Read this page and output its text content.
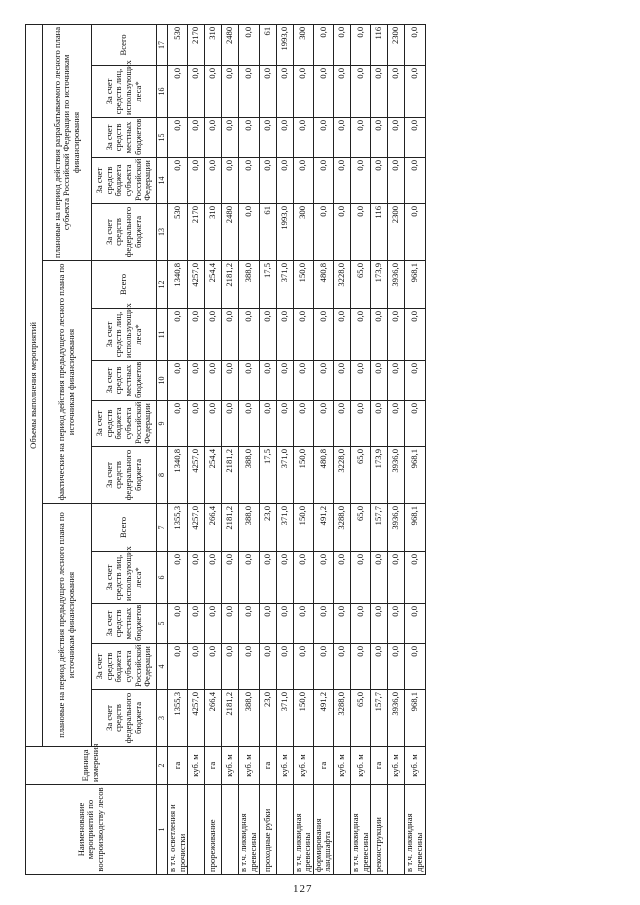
Наименование мероприятий по воспроизводству лесов	Единица измерения	Объемы выполнения мероприятий														
		плановые на период действия предыдущего лесного плана по источникам финансирования					фактические на период действия предыдущего лесного плана по источникам финансирования					плановые на период действия разрабатываемого лесного плана субъекта Российской Федерации по источникам финансирования				
		За счет средств федерального бюджета	За счет средств бюджета субъекта Российской Федерации	За счет средств местных бюджетов	За счет средств лиц, использующих леса*	Всего	За счет средств федерального бюджета	За счет средств бюджета субъекта Российской Федерации	За счет средств местных бюджетов	За счет средств лиц, использующих леса*	Всего	За счет средств федерального бюджета	За счет средств бюджета субъекта Российской Федерации	За счет средств местных бюджетов	За счет средств лиц, использующих леса*	Всего
1	2	3	4	5	6	7	8	9	10	11	12	13	14	15	16	17
в т.ч. осветления и прочистки	га	1355,3	0,0	0,0	0,0	1355,3	1340,8	0,0	0,0	0,0	1340,8	530	0,0	0,0	0,0	530
	куб. м	4257,0	0,0	0,0	0,0	4257,0	4257,0	0,0	0,0	0,0	4257,0	2170	0,0	0,0	0,0	2170
прореживание	га	266,4	0,0	0,0	0,0	266,4	254,4	0,0	0,0	0,0	254,4	310	0,0	0,0	0,0	310
	куб. м	2181,2	0,0	0,0	0,0	2181,2	2181,2	0,0	0,0	0,0	2181,2	2480	0,0	0,0	0,0	2480
в т.ч. ликвидная древесины	куб. м	388,0	0,0	0,0	0,0	388,0	388,0	0,0	0,0	0,0	388,0	0,0	0,0	0,0	0,0	0,0
проходные рубки	га	23,0	0,0	0,0	0,0	23,0	17,5	0,0	0,0	0,0	17,5	61	0,0	0,0	0,0	61
	куб. м	371,0	0,0	0,0	0,0	371,0	371,0	0,0	0,0	0,0	371,0	1993,0	0,0	0,0	0,0	1993,0
в т.ч. ликвидная древесины	куб. м	150,0	0,0	0,0	0,0	150,0	150,0	0,0	0,0	0,0	150,0	300	0,0	0,0	0,0	300
формирования ландшафта	га	491,2	0,0	0,0	0,0	491,2	480,8	0,0	0,0	0,0	480,8	0,0	0,0	0,0	0,0	0,0
	куб. м	3288,0	0,0	0,0	0,0	3288,0	3228,0	0,0	0,0	0,0	3228,0	0,0	0,0	0,0	0,0	0,0
в т.ч. ликвидная древесины	куб. м	65,0	0,0	0,0	0,0	65,0	65,0	0,0	0,0	0,0	65,0	0,0	0,0	0,0	0,0	0,0
реконструкции	га	157,7	0,0	0,0	0,0	157,7	173,9	0,0	0,0	0,0	173,9	116	0,0	0,0	0,0	116
	куб. м	3936,0	0,0	0,0	0,0	3936,0	3936,0	0,0	0,0	0,0	3936,0	2300	0,0	0,0	0,0	2300
в т.ч. ликвидная древесины	куб. м	968,1	0,0	0,0	0,0	968,1	968,1	0,0	0,0	0,0	968,1	0,0	0,0	0,0	0,0	0,0
127
